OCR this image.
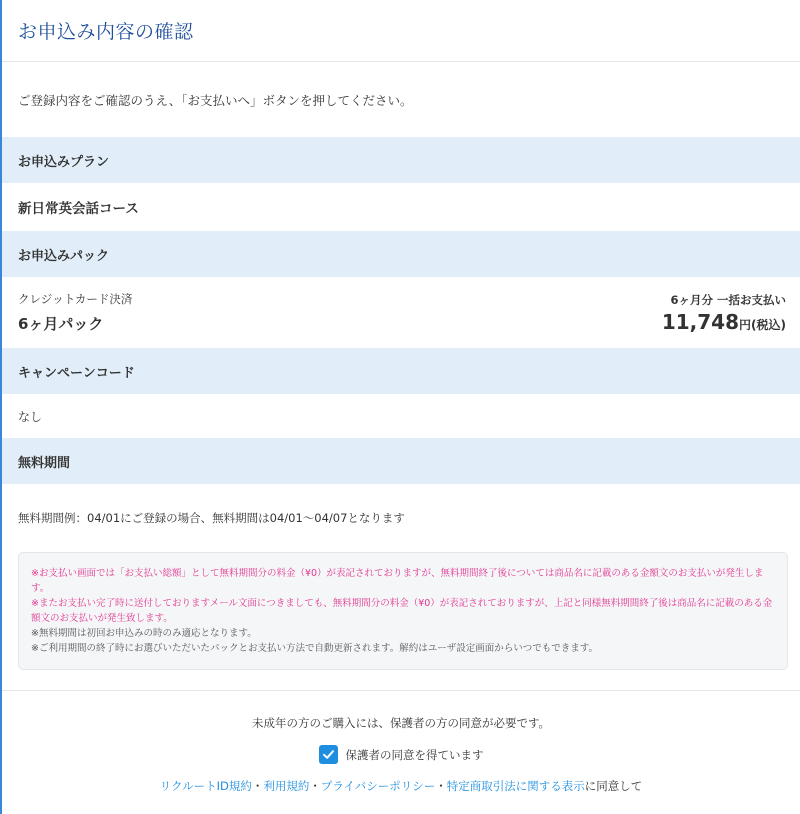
お申込み内容の確認
ご登録内容をご確認のうえ、「お支払いへ」ボタンを押してください。
お申込みプラン
新日常英会話コース
お申込みパック
クレジットカード決済
6ヶ月パック
6ヶ月分 一括お支払い
11,748円(税込)
キャンペーンコード
なし
無料期間
無料期間例：04/01にご登録の場合、無料期間は04/01〜04/07となります
※お支払い画面では「お支払い総額」として無料期間分の料金（¥0）が表記されておりますが、無料期間終了後については商品名に記載のある金額文のお支払いが発生します。
※またお支払い完了時に送付しておりますメール文面につきましても、無料期間分の料金（¥0）が表記されておりますが、上記と同様無料期間終了後は商品名に記載のある金額文のお支払いが発生致します。
※無料期間は初回お申込みの時のみ適応となります。
※ご利用期間の終了時にお選びいただいたパックとお支払い方法で自動更新されます。解約はユーザ設定画面からいつでもできます。
未成年の方のご購入には、保護者の方の同意が必要です。
保護者の同意を得ています
リクルートID規約・利用規約・プライバシーポリシー・特定商取引法に関する表示に同意して
